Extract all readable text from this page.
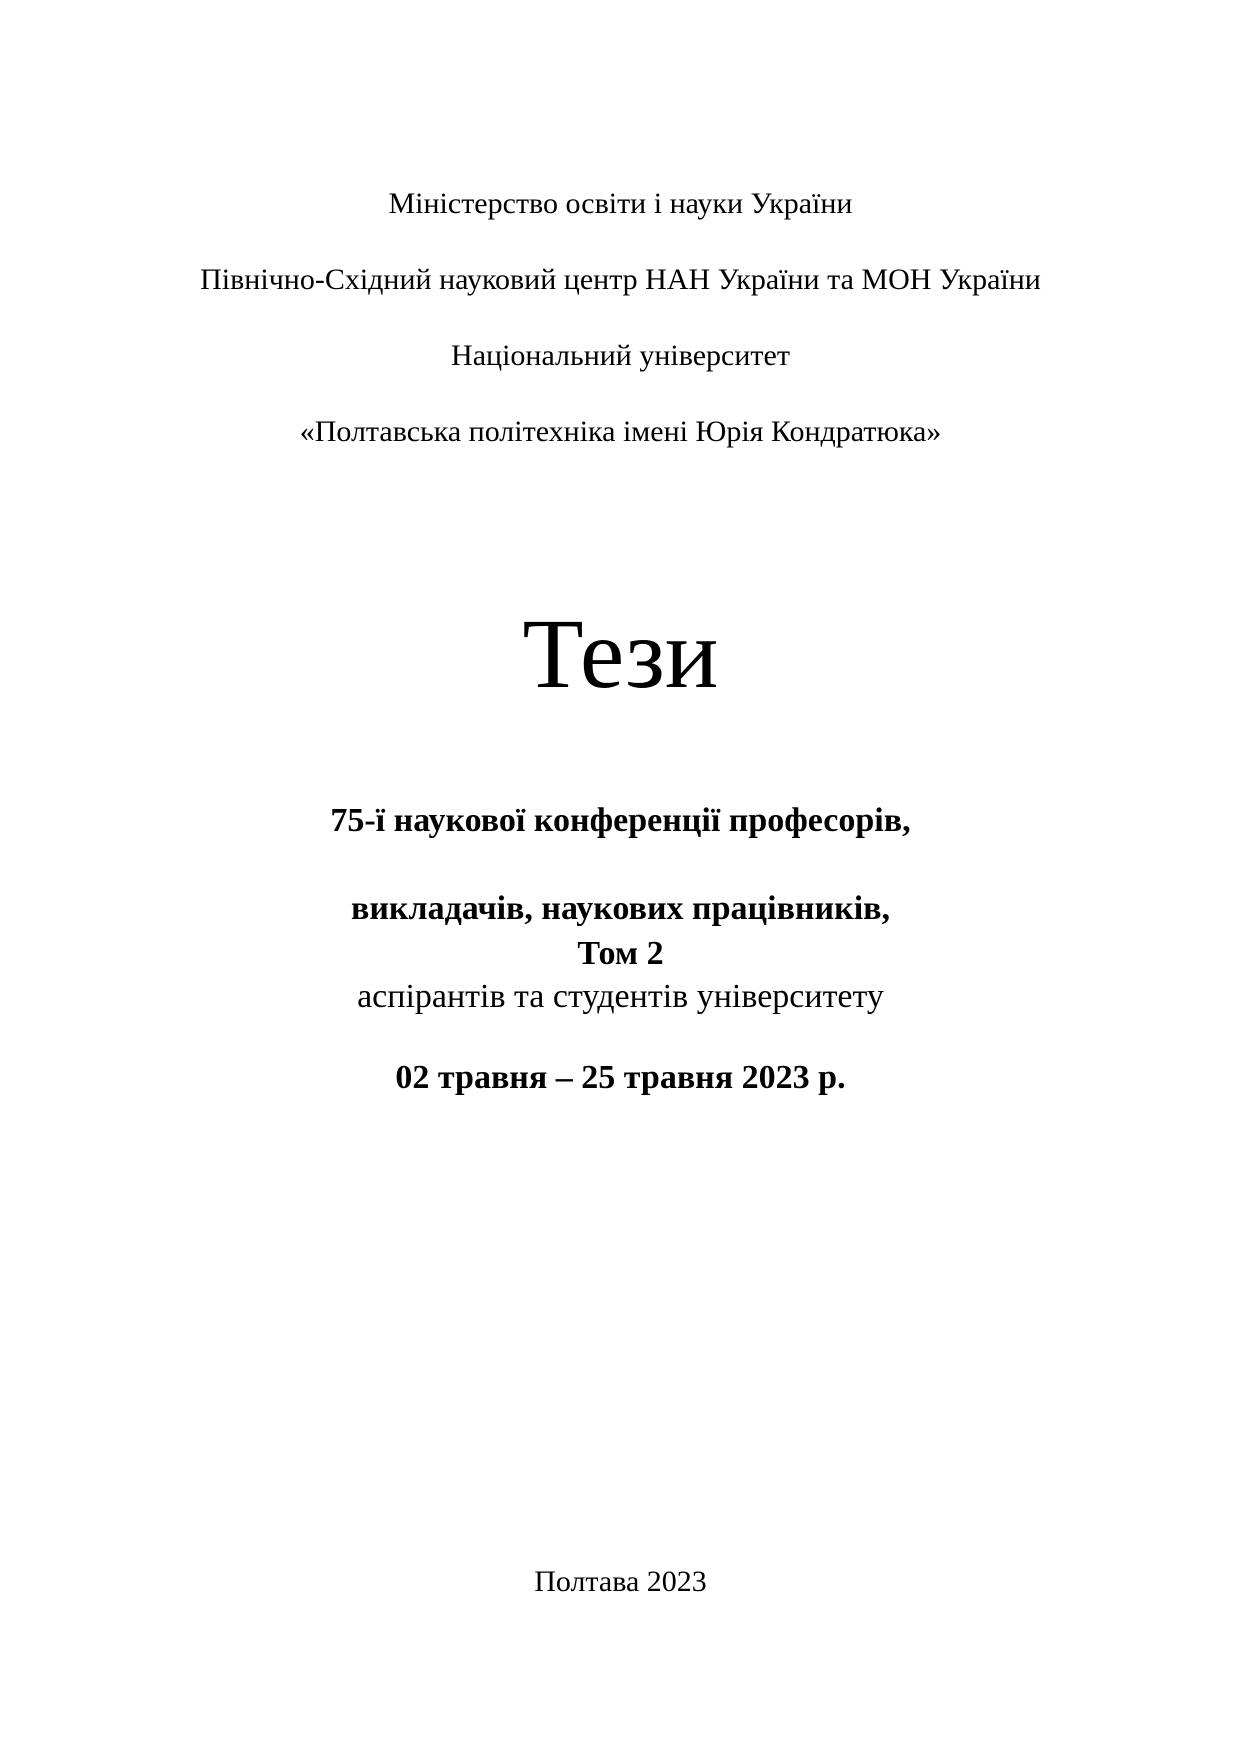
Міністерство освіти і науки України

Північно-Східний науковий центр НАН України та МОН України

Національний університет

«Полтавська політехніка імені Юрія Кондратюка»

Тези

75-ї наукової конференції професорів,

викладачів, наукових працівників,

аспірантів та студентів університету

Том 2
02 травня – 25 травня 2023 р.
Полтава 2023
